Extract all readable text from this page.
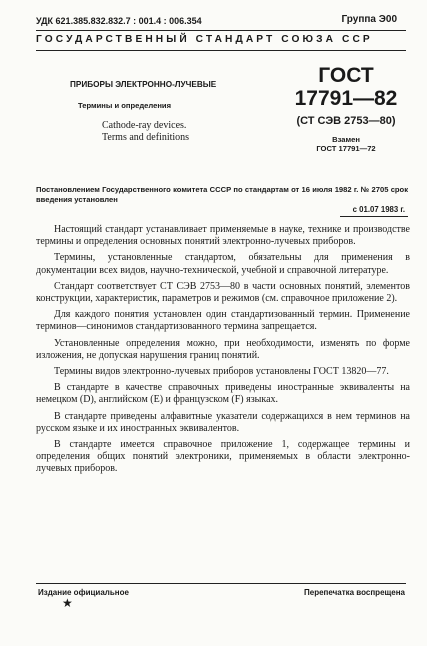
УДК 621.385.832.832.7 : 001.4 : 006.354	Группа Э00
ГОСУДАРСТВЕННЫЙ СТАНДАРТ СОЮЗА ССР
ПРИБОРЫ ЭЛЕКТРОННО-ЛУЧЕВЫЕ
Термины и определения
Cathode-ray devices.
Terms and definitions
ГОСТ
17791—82
(СТ СЭВ 2753—80)
Взамен
ГОСТ 17791—72
Постановлением Государственного комитета СССР по стандартам от 16 июля 1982 г. № 2705 срок введения установлен
с 01.07 1983 г.

Настоящий стандарт устанавливает применяемые в науке, технике и производстве термины и определения основных понятий электронно-лучевых приборов.

Термины, установленные стандартом, обязательны для применения в документации всех видов, научно-технической, учебной и справочной литературе.

Стандарт соответствует СТ СЭВ 2753—80 в части основных понятий, элементов конструкции, характеристик, параметров и режимов (см. справочное приложение 2).

Для каждого понятия установлен один стандартизованный термин. Применение терминов—синонимов стандартизованного термина запрещается.

Установленные определения можно, при необходимости, изменять по форме изложения, не допуская нарушения границ понятий.

Термины видов электронно-лучевых приборов установлены ГОСТ 13820—77.

В стандарте в качестве справочных приведены иностранные эквиваленты на немецком (D), английском (E) и французском (F) языках.

В стандарте приведены алфавитные указатели содержащихся в нем терминов на русском языке и их иностранных эквивалентов.

В стандарте имеется справочное приложение 1, содержащее термины и определения общих понятий электроники, применяемых в области электронно-лучевых приборов.

Издание официальное	Перепечатка воспрещена
★
